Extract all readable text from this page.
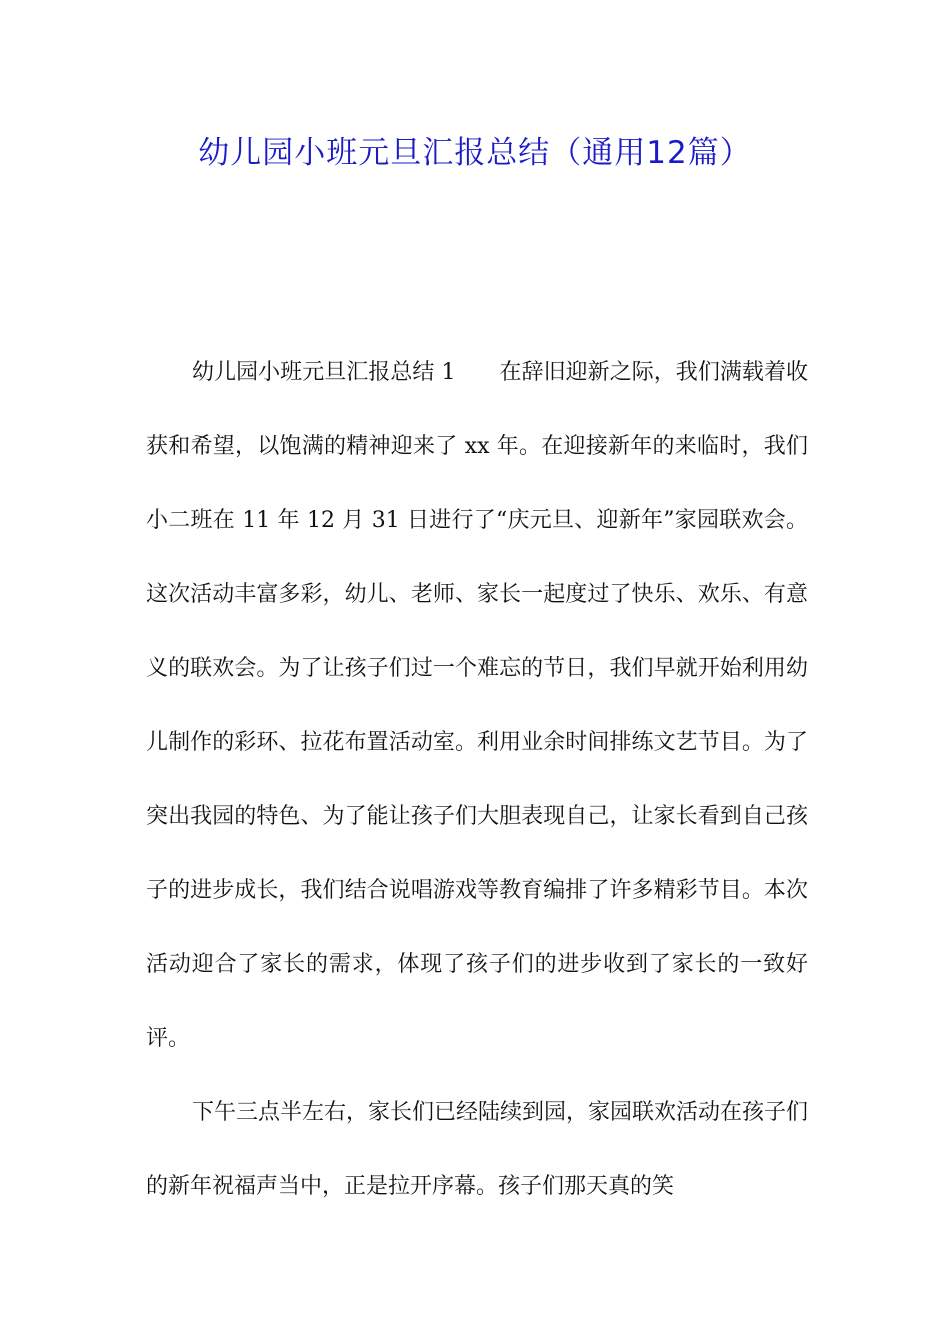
幼儿园小班元旦汇报总结（通用12篇）

幼儿园小班元旦汇报总结 1 在辞旧迎新之际，我们满载着收获和希望，以饱满的精神迎来了 xx 年。在迎接新年的来临时，我们小二班在 11 年 12 月 31 日进行了“庆元旦、迎新年”家园联欢会。这次活动丰富多彩，幼儿、老师、家长一起度过了快乐、欢乐、有意义的联欢会。为了让孩子们过一个难忘的节日，我们早就开始利用幼儿制作的彩环、拉花布置活动室。利用业余时间排练文艺节目。为了突出我园的特色、为了能让孩子们大胆表现自己，让家长看到自己孩子的进步成长，我们结合说唱游戏等教育编排了许多精彩节目。本次活动迎合了家长的需求，体现了孩子们的进步收到了家长的一致好评。

下午三点半左右，家长们已经陆续到园，家园联欢活动在孩子们的新年祝福声当中，正是拉开序幕。孩子们那天真的笑
